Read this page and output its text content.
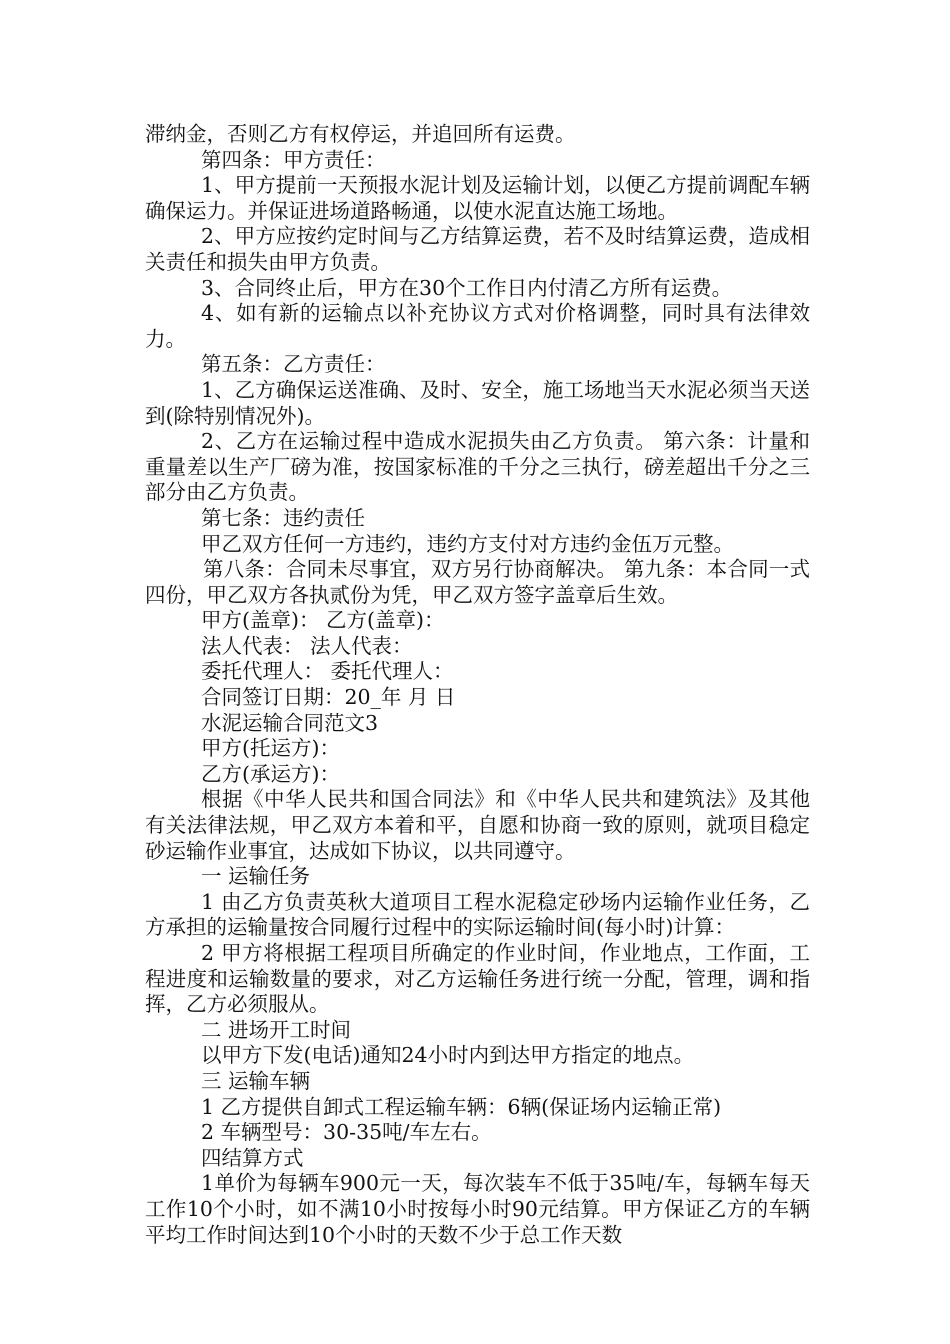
滞纳金，否则乙方有权停运，并追回所有运费。

第四条：甲方责任：

1、甲方提前一天预报水泥计划及运输计划，以便乙方提前调配车辆确保运力。并保证进场道路畅通，以使水泥直达施工场地。

2、甲方应按约定时间与乙方结算运费，若不及时结算运费，造成相关责任和损失由甲方负责。

3、合同终止后，甲方在30个工作日内付清乙方所有运费。

4、如有新的运输点以补充协议方式对价格调整，同时具有法律效力。

第五条：乙方责任：

1、乙方确保运送准确、及时、安全，施工场地当天水泥必须当天送到(除特别情况外)。

2、乙方在运输过程中造成水泥损失由乙方负责。 第六条：计量和重量差以生产厂磅为准，按国家标准的千分之三执行，磅差超出千分之三部分由乙方负责。

第七条：违约责任

甲乙双方任何一方违约，违约方支付对方违约金伍万元整。

第八条：合同未尽事宜，双方另行协商解决。 第九条：本合同一式四份，甲乙双方各执贰份为凭，甲乙双方签字盖章后生效。

甲方(盖章)： 乙方(盖章)：

法人代表： 法人代表：

委托代理人： 委托代理人：

合同签订日期：20_年 月 日

水泥运输合同范文3

甲方(托运方)：

乙方(承运方)：

根据《中华人民共和国合同法》和《中华人民共和建筑法》及其他有关法律法规，甲乙双方本着和平，自愿和协商一致的原则，就项目稳定砂运输作业事宜，达成如下协议，以共同遵守。

一 运输任务

1 由乙方负责英秋大道项目工程水泥稳定砂场内运输作业任务，乙方承担的运输量按合同履行过程中的实际运输时间(每小时)计算：

2 甲方将根据工程项目所确定的作业时间，作业地点，工作面，工程进度和运输数量的要求，对乙方运输任务进行统一分配，管理，调和指挥，乙方必须服从。

二 进场开工时间

以甲方下发(电话)通知24小时内到达甲方指定的地点。

三 运输车辆

1 乙方提供自卸式工程运输车辆：6辆(保证场内运输正常)

2 车辆型号：30-35吨/车左右。

四结算方式

1单价为每辆车900元一天，每次装车不低于35吨/车，每辆车每天工作10个小时，如不满10小时按每小时90元结算。甲方保证乙方的车辆平均工作时间达到10个小时的天数不少于总工作天数
